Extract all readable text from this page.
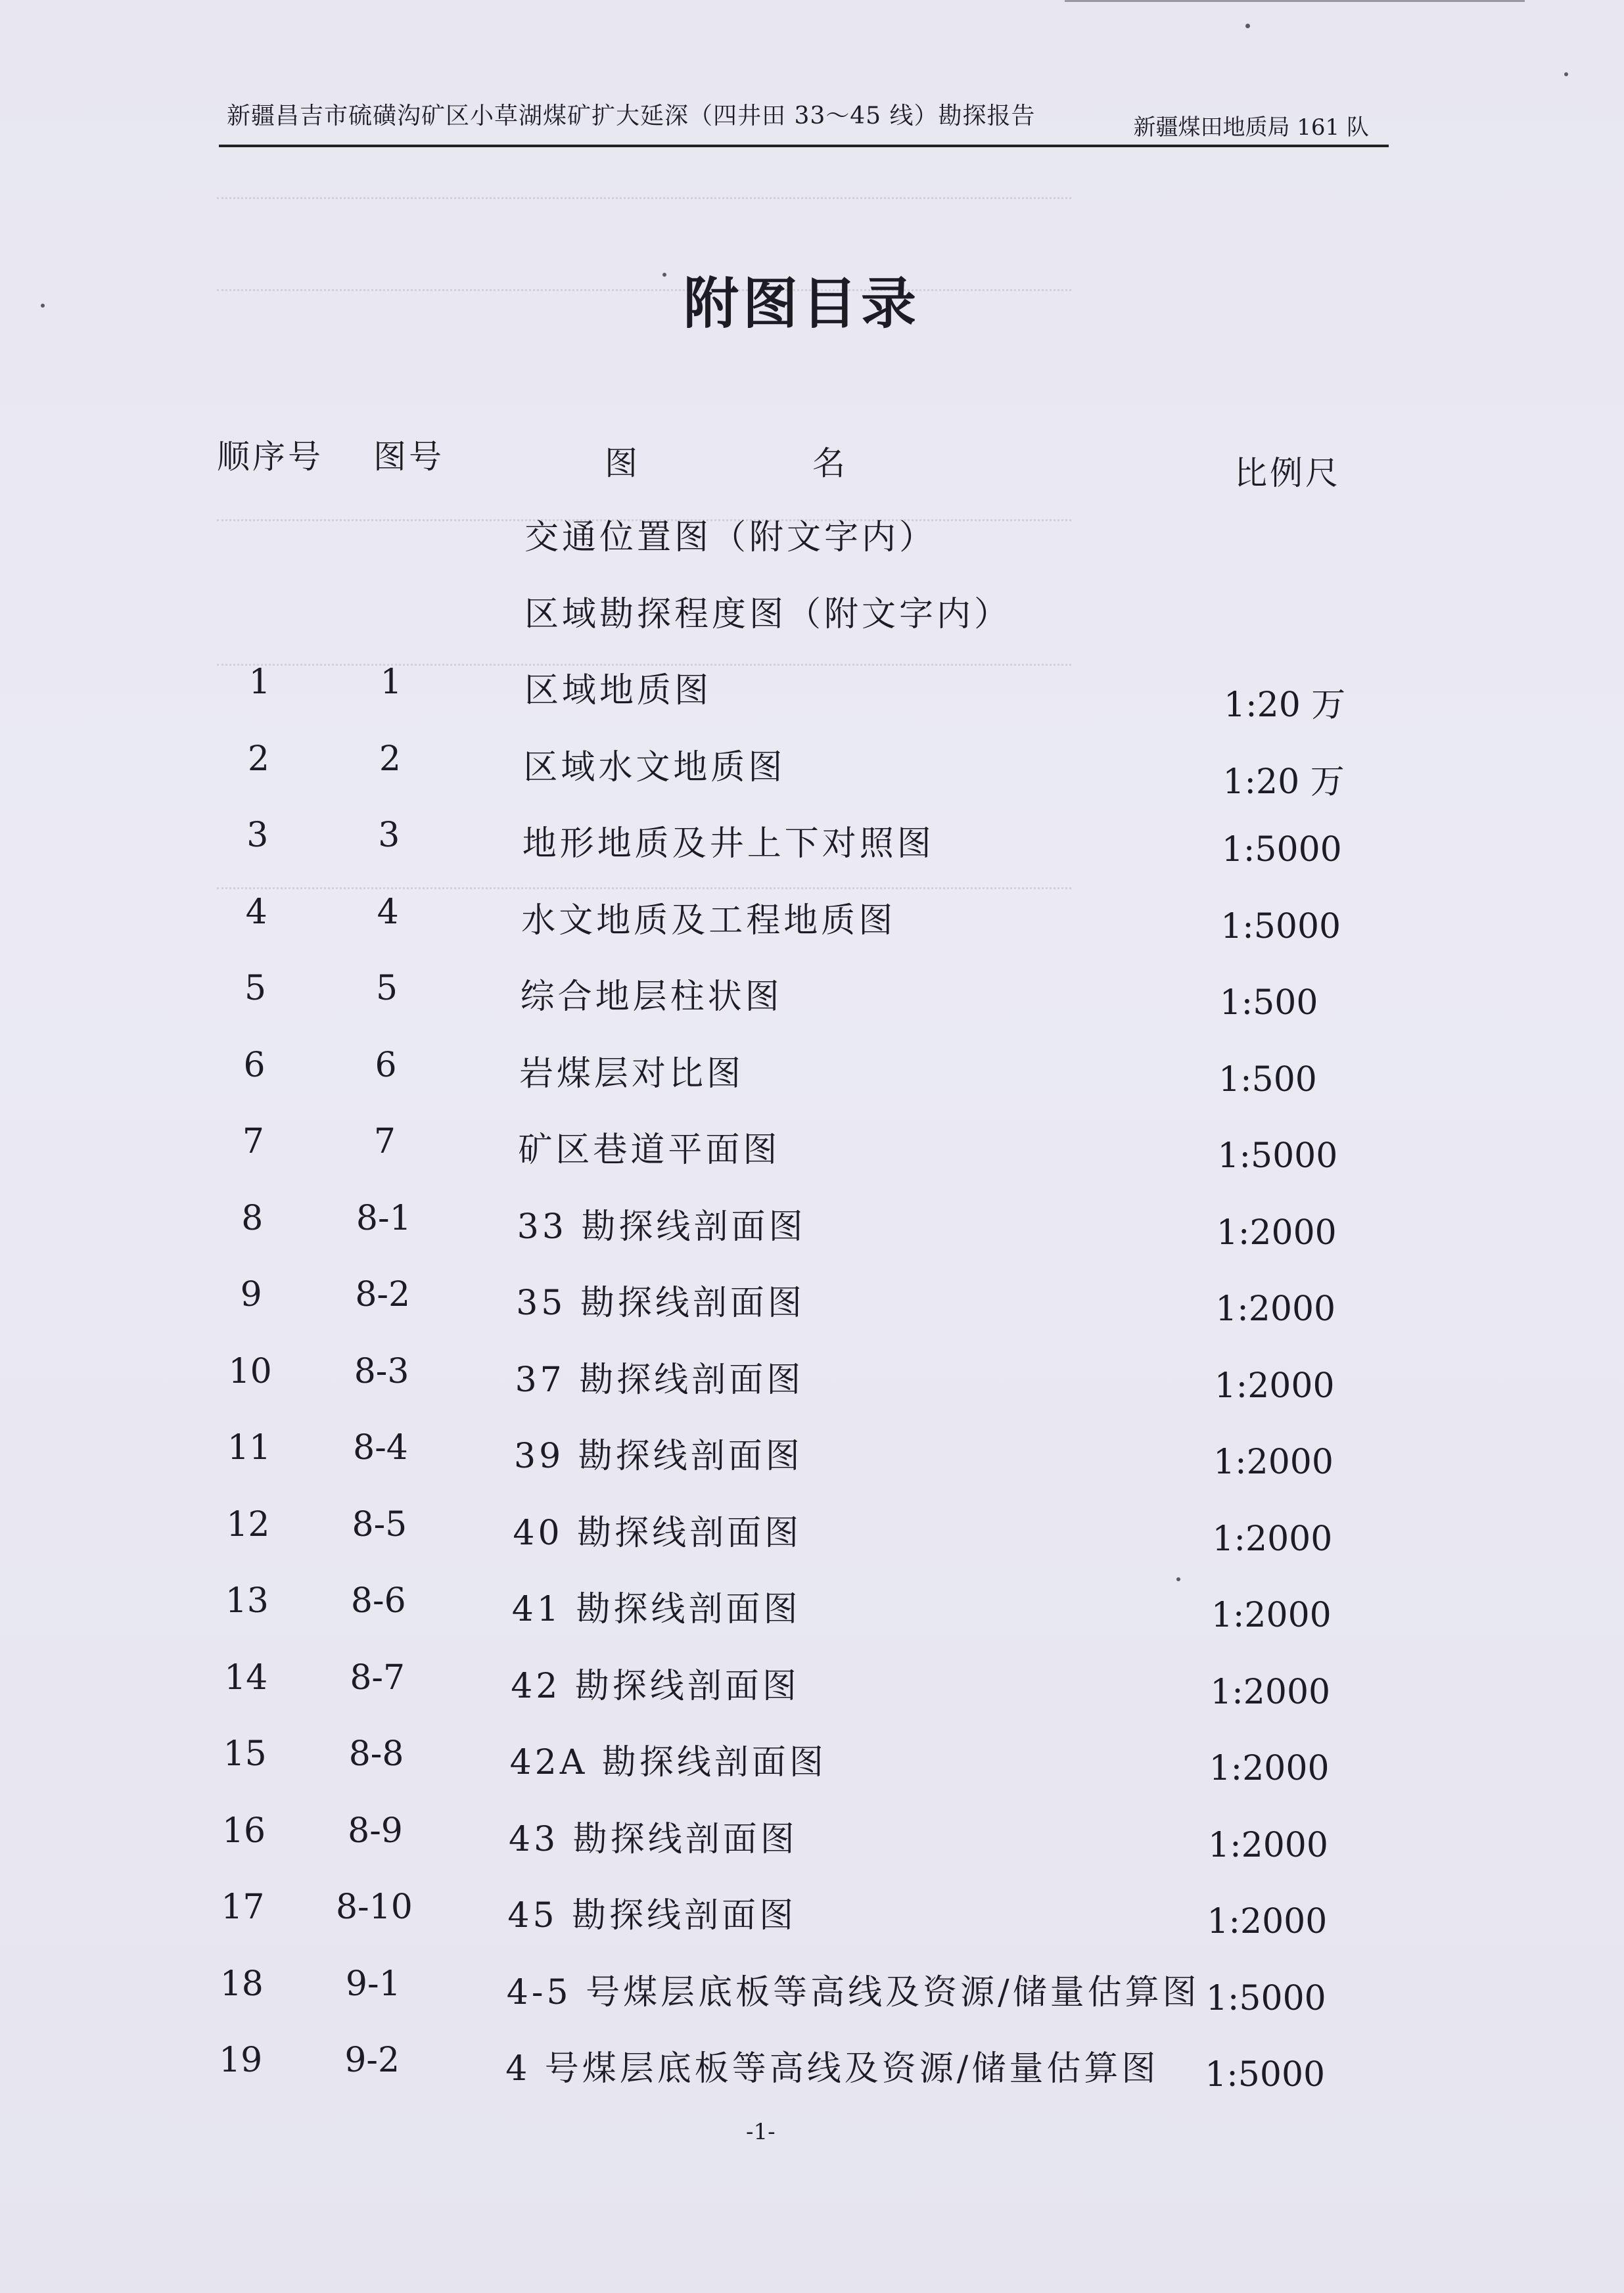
新疆昌吉市硫磺沟矿区小草湖煤矿扩大延深（四井田 33～45 线）勘探报告	新疆煤田地质局 161 队
附图目录
顺序号 图号	图　名	比例尺
交通位置图（附文字内）
区域勘探程度图（附文字内）
1	1	区域地质图	1:20 万
2	2	区域水文地质图	1:20 万
3	3	地形地质及井上下对照图	1:5000
4	4	水文地质及工程地质图	1:5000
5	5	综合地层柱状图	1:500
6	6	岩煤层对比图	1:500
7	7	矿区巷道平面图	1:5000
8	8-1	33 勘探线剖面图	1:2000
9	8-2	35 勘探线剖面图	1:2000
10	8-3	37 勘探线剖面图	1:2000
11	8-4	39 勘探线剖面图	1:2000
12	8-5	40 勘探线剖面图	1:2000
13	8-6	41 勘探线剖面图	1:2000
14	8-7	42 勘探线剖面图	1:2000
15	8-8	42A 勘探线剖面图	1:2000
16	8-9	43 勘探线剖面图	1:2000
17	8-10	45 勘探线剖面图	1:2000
18	9-1	4-5 号煤层底板等高线及资源/储量估算图 1:5000
19	9-2	4 号煤层底板等高线及资源/储量估算图 1:5000
-1-
